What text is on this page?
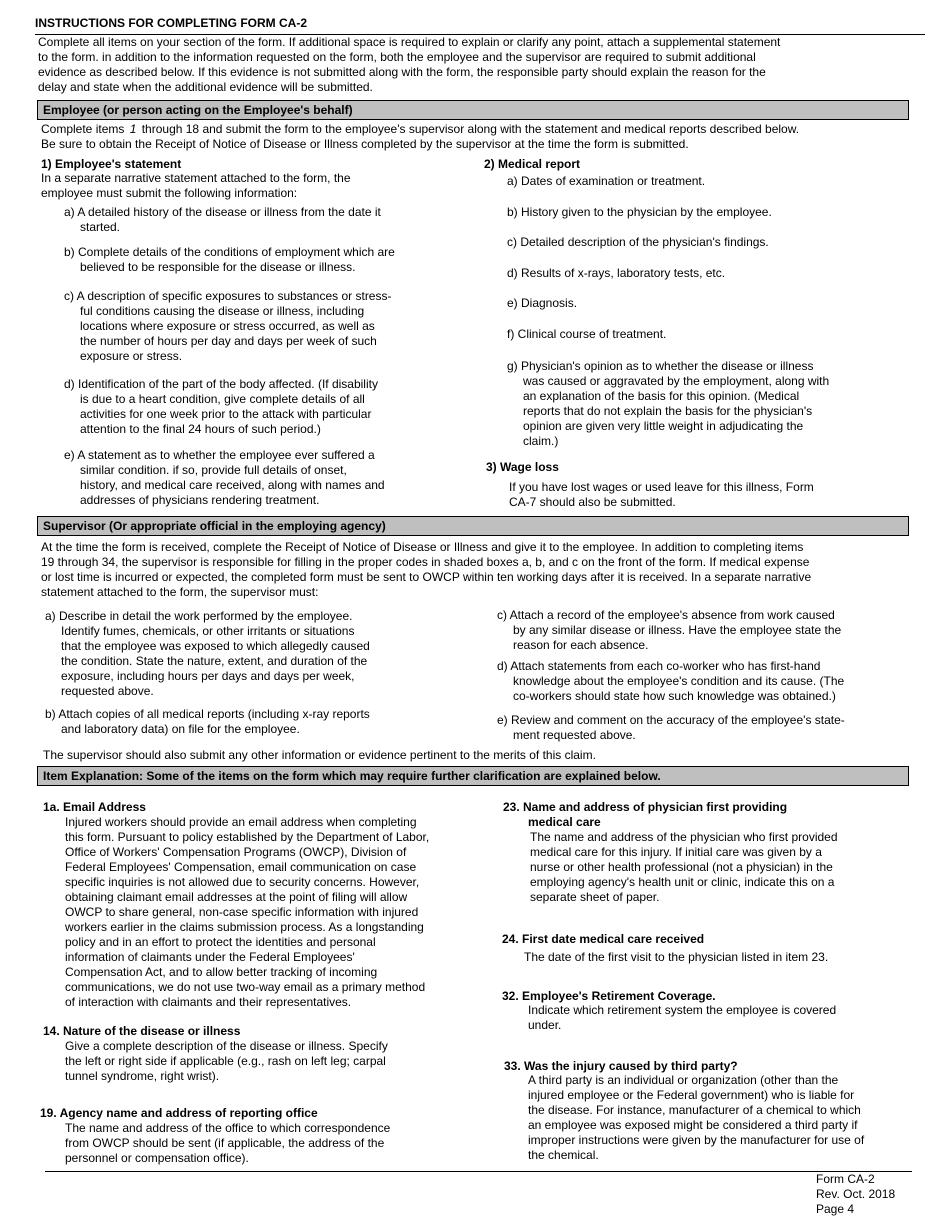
INSTRUCTIONS FOR COMPLETING FORM CA-2
Complete all items on your section of the form. If additional space is required to explain or clarify any point, attach a supplemental statement
to the form. in addition to the information requested on the form, both the employee and the supervisor are required to submit additional
evidence as described below. If this evidence is not submitted along with the form, the responsible party should explain the reason for the
delay and state when the additional evidence will be submitted.
Employee (or person acting on the Employee's behalf)
Complete items 1 through 18 and submit the form to the employee's supervisor along with the statement and medical reports described below.
Be sure to obtain the Receipt of Notice of Disease or Illness completed by the supervisor at the time the form is submitted.
1) Employee's statement
In a separate narrative statement attached to the form, the
employee must submit the following information:
a) A detailed history of the disease or illness from the date it
started.
b) Complete details of the conditions of employment which are
believed to be responsible for the disease or illness.
c) A description of specific exposures to substances or stress-
ful conditions causing the disease or illness, including
locations where exposure or stress occurred, as well as
the number of hours per day and days per week of such
exposure or stress.
d) Identification of the part of the body affected. (If disability
is due to a heart condition, give complete details of all
activities for one week prior to the attack with particular
attention to the final 24 hours of such period.)
e) A statement as to whether the employee ever suffered a
similar condition. if so, provide full details of onset,
history, and medical care received, along with names and
addresses of physicians rendering treatment.
2) Medical report
a) Dates of examination or treatment.
b) History given to the physician by the employee.
c) Detailed description of the physician's findings.
d) Results of x-rays, laboratory tests, etc.
e) Diagnosis.
f) Clinical course of treatment.
g) Physician's opinion as to whether the disease or illness
was caused or aggravated by the employment, along with
an explanation of the basis for this opinion. (Medical
reports that do not explain the basis for the physician's
opinion are given very little weight in adjudicating the
claim.)
3) Wage loss
If you have lost wages or used leave for this illness, Form
CA-7 should also be submitted.
Supervisor (Or appropriate official in the employing agency)
At the time the form is received, complete the Receipt of Notice of Disease or Illness and give it to the employee. In addition to completing items
19 through 34, the supervisor is responsible for filling in the proper codes in shaded boxes a, b, and c on the front of the form. If medical expense
or lost time is incurred or expected, the completed form must be sent to OWCP within ten working days after it is received. In a separate narrative
statement attached to the form, the supervisor must:
a) Describe in detail the work performed by the employee.
Identify fumes, chemicals, or other irritants or situations
that the employee was exposed to which allegedly caused
the condition. State the nature, extent, and duration of the
exposure, including hours per days and days per week,
requested above.
b) Attach copies of all medical reports (including x-ray reports
and laboratory data) on file for the employee.
c) Attach a record of the employee's absence from work caused
by any similar disease or illness. Have the employee state the
reason for each absence.
d) Attach statements from each co-worker who has first-hand
knowledge about the employee's condition and its cause. (The
co-workers should state how such knowledge was obtained.)
e) Review and comment on the accuracy of the employee's state-
ment requested above.
The supervisor should also submit any other information or evidence pertinent to the merits of this claim.
Item Explanation: Some of the items on the form which may require further clarification are explained below.
1a. Email Address
Injured workers should provide an email address when completing
this form. Pursuant to policy established by the Department of Labor,
Office of Workers' Compensation Programs (OWCP), Division of
Federal Employees' Compensation, email communication on case
specific inquiries is not allowed due to security concerns. However,
obtaining claimant email addresses at the point of filing will allow
OWCP to share general, non-case specific information with injured
workers earlier in the claims submission process. As a longstanding
policy and in an effort to protect the identities and personal
information of claimants under the Federal Employees'
Compensation Act, and to allow better tracking of incoming
communications, we do not use two-way email as a primary method
of interaction with claimants and their representatives.
14. Nature of the disease or illness
Give a complete description of the disease or illness. Specify
the left or right side if applicable (e.g., rash on left leg; carpal
tunnel syndrome, right wrist).
19. Agency name and address of reporting office
The name and address of the office to which correspondence
from OWCP should be sent (if applicable, the address of the
personnel or compensation office).
23. Name and address of physician first providing
medical care
The name and address of the physician who first provided
medical care for this injury. If initial care was given by a
nurse or other health professional (not a physician) in the
employing agency's health unit or clinic, indicate this on a
separate sheet of paper.
24. First date medical care received
The date of the first visit to the physician listed in item 23.
32. Employee's Retirement Coverage.
Indicate which retirement system the employee is covered
under.
33. Was the injury caused by third party?
A third party is an individual or organization (other than the
injured employee or the Federal government) who is liable for
the disease. For instance, manufacturer of a chemical to which
an employee was exposed might be considered a third party if
improper instructions were given by the manufacturer for use of
the chemical.
Form CA-2
Rev. Oct. 2018
Page 4
